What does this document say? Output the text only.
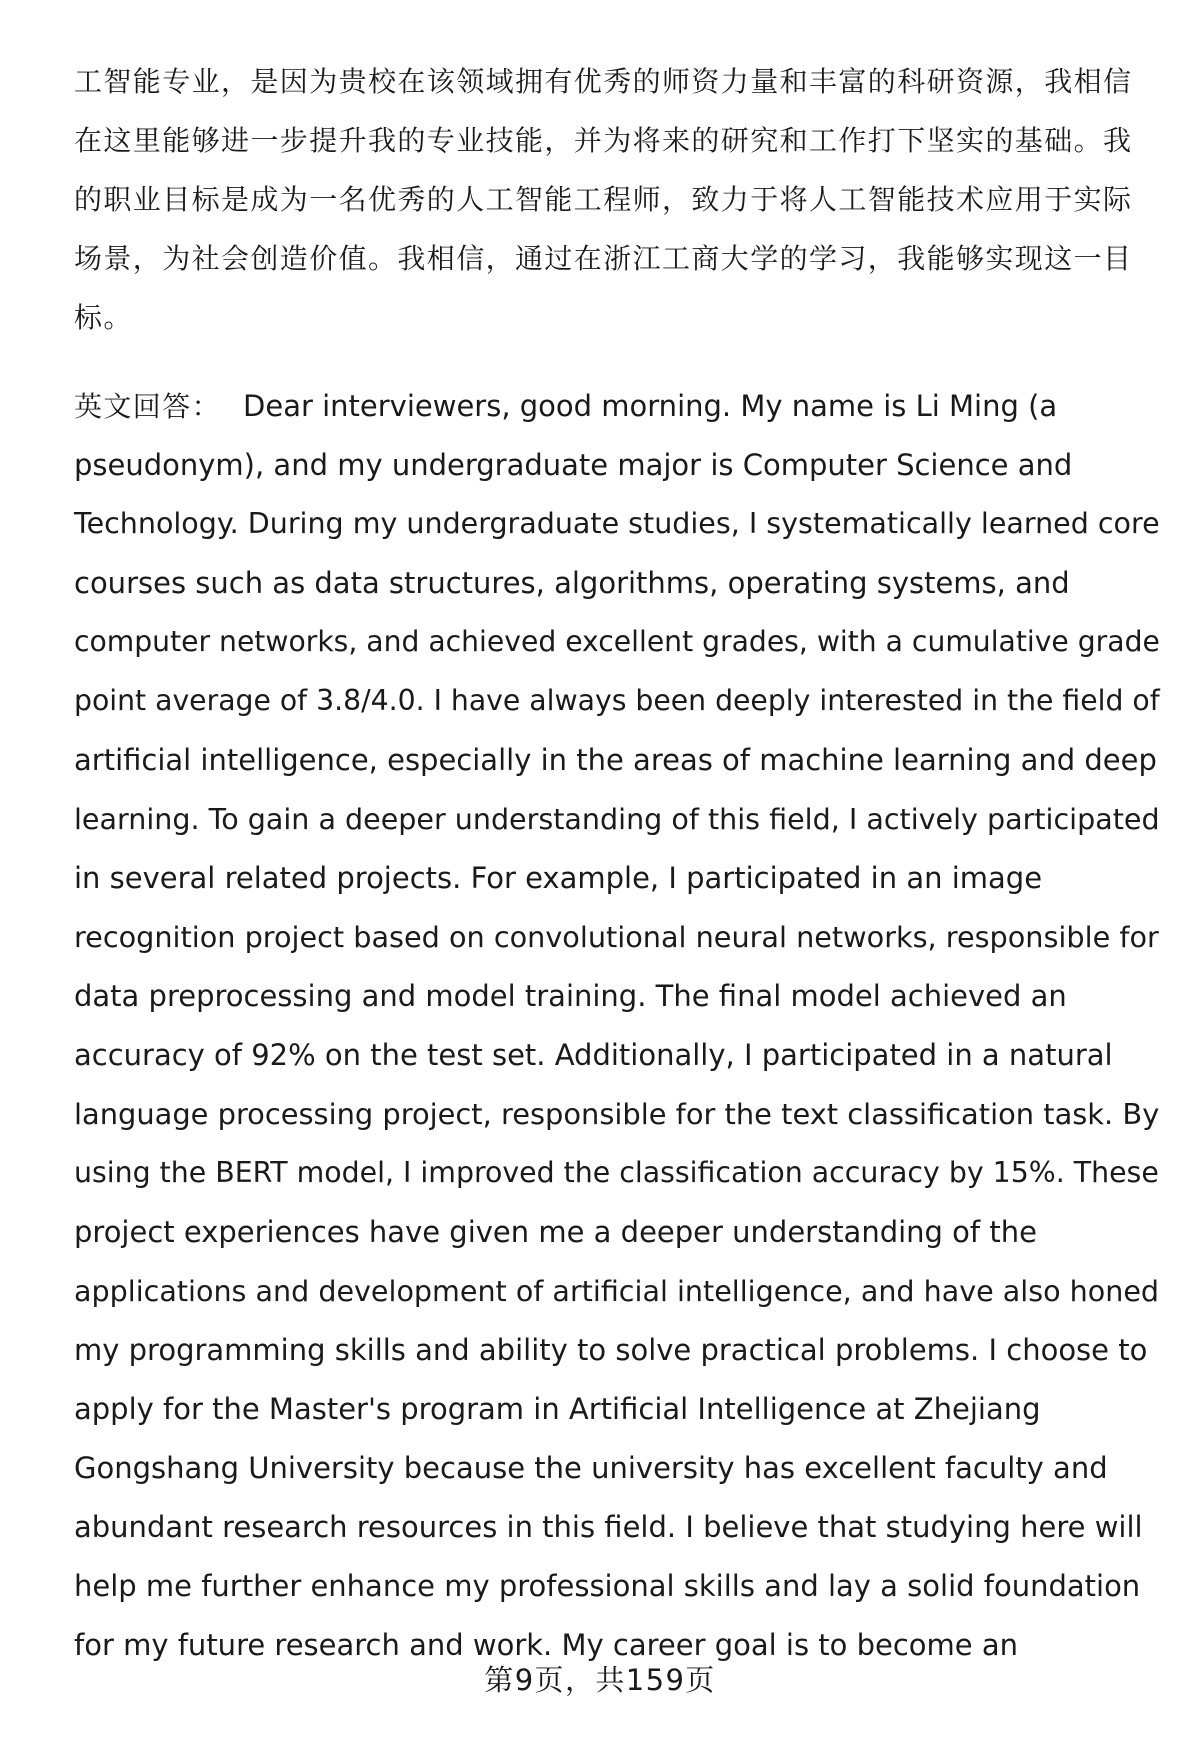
工智能专业，是因为贵校在该领域拥有优秀的师资力量和丰富的科研资源，我相信
在这里能够进一步提升我的专业技能，并为将来的研究和工作打下坚实的基础。我
的职业目标是成为一名优秀的人工智能工程师，致力于将人工智能技术应用于实际
场景，为社会创造价值。我相信，通过在浙江工商大学的学习，我能够实现这一目
标。
英文回答： Dear interviewers, good morning. My name is Li Ming (a
pseudonym), and my undergraduate major is Computer Science and
Technology. During my undergraduate studies, I systematically learned core
courses such as data structures, algorithms, operating systems, and
computer networks, and achieved excellent grades, with a cumulative grade
point average of 3.8/4.0. I have always been deeply interested in the field of
artificial intelligence, especially in the areas of machine learning and deep
learning. To gain a deeper understanding of this field, I actively participated
in several related projects. For example, I participated in an image
recognition project based on convolutional neural networks, responsible for
data preprocessing and model training. The final model achieved an
accuracy of 92% on the test set. Additionally, I participated in a natural
language processing project, responsible for the text classification task. By
using the BERT model, I improved the classification accuracy by 15%. These
project experiences have given me a deeper understanding of the
applications and development of artificial intelligence, and have also honed
my programming skills and ability to solve practical problems. I choose to
apply for the Master's program in Artificial Intelligence at Zhejiang
Gongshang University because the university has excellent faculty and
abundant research resources in this field. I believe that studying here will
help me further enhance my professional skills and lay a solid foundation
for my future research and work. My career goal is to become an
第9页，共159页
